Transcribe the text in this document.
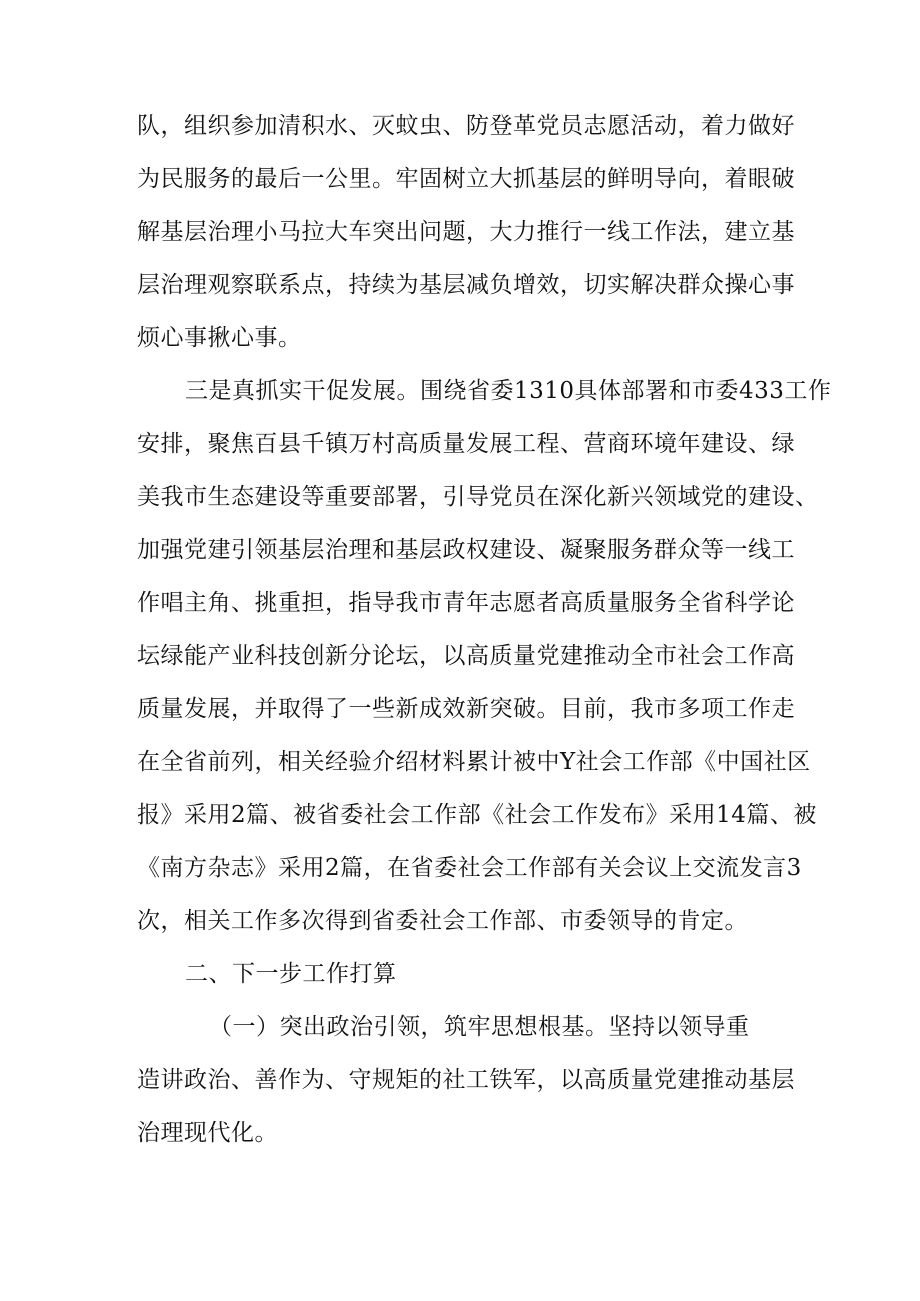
队，组织参加清积水、灭蚊虫、防登革党员志愿活动，着力做好
为民服务的最后一公里。牢固树立大抓基层的鲜明导向，着眼破
解基层治理小马拉大车突出问题，大力推行一线工作法，建立基
层治理观察联系点，持续为基层减负增效，切实解决群众操心事
烦心事揪心事。
三是真抓实干促发展。围绕省委1310具体部署和市委433工作
安排，聚焦百县千镇万村高质量发展工程、营商环境年建设、绿
美我市生态建设等重要部署，引导党员在深化新兴领域党的建设、
加强党建引领基层治理和基层政权建设、凝聚服务群众等一线工
作唱主角、挑重担，指导我市青年志愿者高质量服务全省科学论
坛绿能产业科技创新分论坛，以高质量党建推动全市社会工作高
质量发展，并取得了一些新成效新突破。目前，我市多项工作走
在全省前列，相关经验介绍材料累计被中Y社会工作部《中国社区
报》采用2篇、被省委社会工作部《社会工作发布》采用14篇、被
《南方杂志》采用2篇，在省委社会工作部有关会议上交流发言3
次，相关工作多次得到省委社会工作部、市委领导的肯定。
二、下一步工作打算
（一）突出政治引领，筑牢思想根基。坚持以领导重
造讲政治、善作为、守规矩的社工铁军，以高质量党建推动基层
治理现代化。
